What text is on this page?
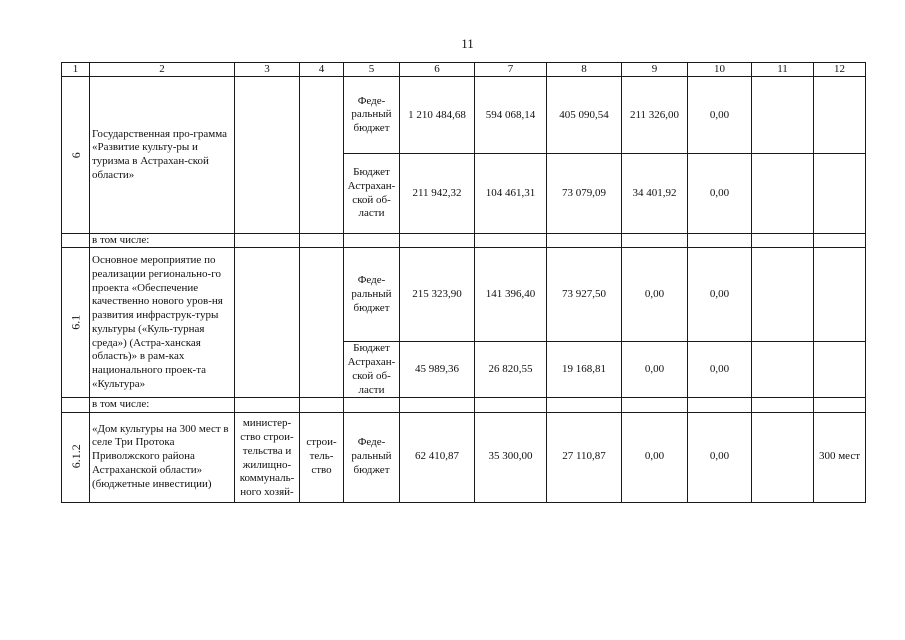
11
1	2	3	4	5	6	7	8	9	10	11	12
6	Государственная про-грамма «Развитие культу-ры и туризма в Астрахан-ской области»			Феде-ральный бюджет	1 210 484,68	594 068,14	405 090,54	211 326,00	0,00		
				Бюджет Астрахан-ской об-ласти	211 942,32	104 461,31	73 079,09	34 401,92	0,00		
	в том числе:										
6.1	Основное мероприятие по реализации регионально-го проекта «Обеспечение качественно нового уров-ня развития инфраструк-туры культуры («Куль-турная среда») (Астра-ханская область)» в рам-ках национального проек-та «Культура»			Феде-ральный бюджет	215 323,90	141 396,40	73 927,50	0,00	0,00		
				Бюджет Астрахан-ской об-ласти	45 989,36	26 820,55	19 168,81	0,00	0,00		
	в том числе:										
6.1.2	«Дом культуры на 300 мест в селе Три Протока Приволжского района Астраханской области» (бюджетные инвестиции)	министер-ство строи-тельства и жилищно-коммуналь-ного хозяй-	строи-тель-ство	Феде-ральный бюджет	62 410,87	35 300,00	27 110,87	0,00	0,00		300 мест
